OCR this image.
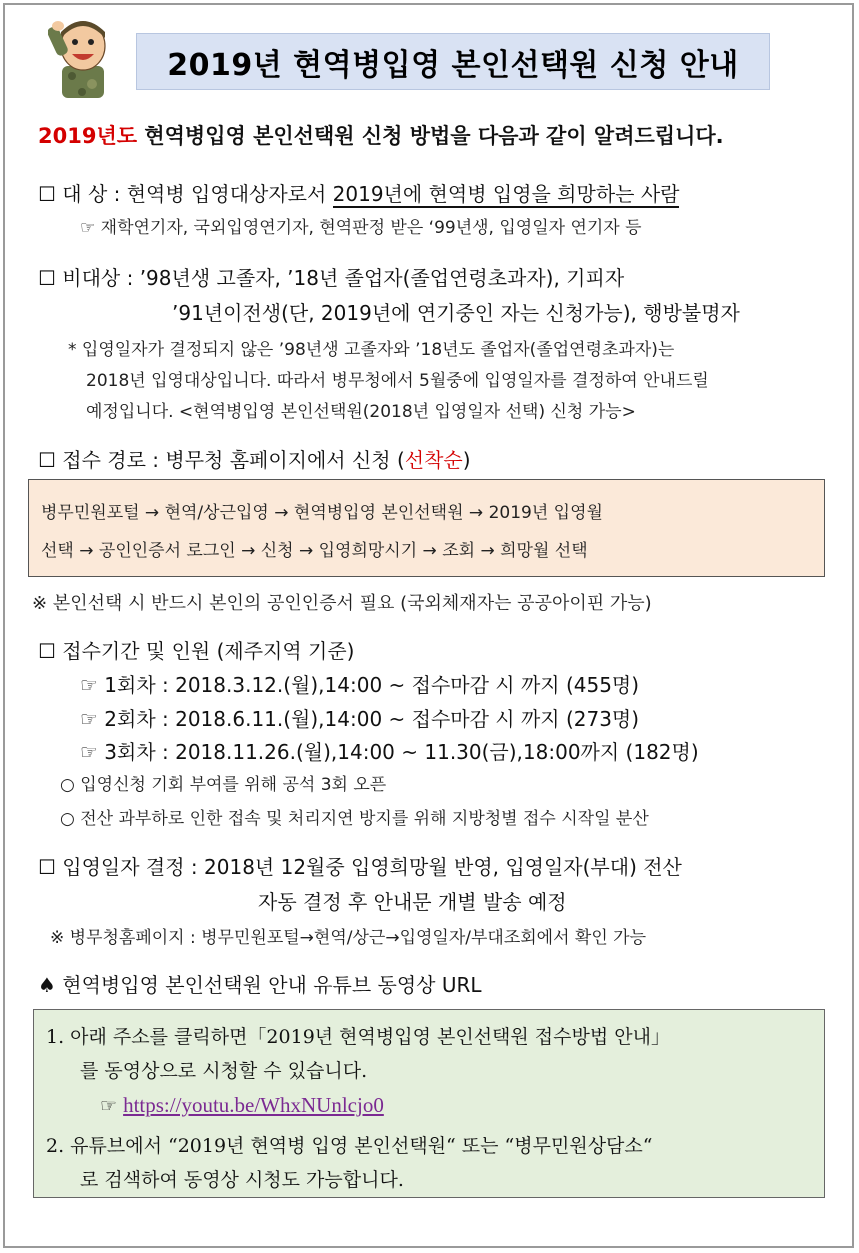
2019년 현역병입영 본인선택원 신청 안내
2019년도 현역병입영 본인선택원 신청 방법을 다음과 같이 알려드립니다.
☐ 대 상 : 현역병 입영대상자로서 2019년에 현역병 입영을 희망하는 사람
☞ 재학연기자, 국외입영연기자, 현역판정 받은 ‘99년생, 입영일자 연기자 등
☐ 비대상 : ’98년생 고졸자, ’18년 졸업자(졸업연령초과자), 기피자
’91년이전생(단, 2019년에 연기중인 자는 신청가능), 행방불명자
* 입영일자가 결정되지 않은 ’98년생 고졸자와 ’18년도 졸업자(졸업연령초과자)는
2018년 입영대상입니다. 따라서 병무청에서 5월중에 입영일자를 결정하여 안내드릴
예정입니다. <현역병입영 본인선택원(2018년 입영일자 선택) 신청 가능>
☐ 접수 경로 : 병무청 홈페이지에서 신청 (선착순)
병무민원포털 → 현역/상근입영 → 현역병입영 본인선택원 → 2019년 입영월
선택 → 공인인증서 로그인 → 신청 → 입영희망시기 → 조회 → 희망월 선택
※ 본인선택 시 반드시 본인의 공인인증서 필요 (국외체재자는 공공아이핀 가능)
☐ 접수기간 및 인원 (제주지역 기준)
☞ 1회차 : 2018.3.12.(월),14:00 ~ 접수마감 시 까지 (455명)
☞ 2회차 : 2018.6.11.(월),14:00 ~ 접수마감 시 까지 (273명)
☞ 3회차 : 2018.11.26.(월),14:00 ~ 11.30(금),18:00까지 (182명)
○ 입영신청 기회 부여를 위해 공석 3회 오픈
○ 전산 과부하로 인한 접속 및 처리지연 방지를 위해 지방청별 접수 시작일 분산
☐ 입영일자 결정 : 2018년 12월중 입영희망월 반영, 입영일자(부대) 전산
자동 결정 후 안내문 개별 발송 예정
※ 병무청홈페이지 : 병무민원포털→현역/상근→입영일자/부대조회에서 확인 가능
♠ 현역병입영 본인선택원 안내 유튜브 동영상 URL
1. 아래 주소를 클릭하면「2019년 현역병입영 본인선택원 접수방법 안내」
를 동영상으로 시청할 수 있습니다.
☞ https://youtu.be/WhxNUnlcjo0
2. 유튜브에서 “2019년 현역병 입영 본인선택원“ 또는 “병무민원상담소“
로 검색하여 동영상 시청도 가능합니다.
